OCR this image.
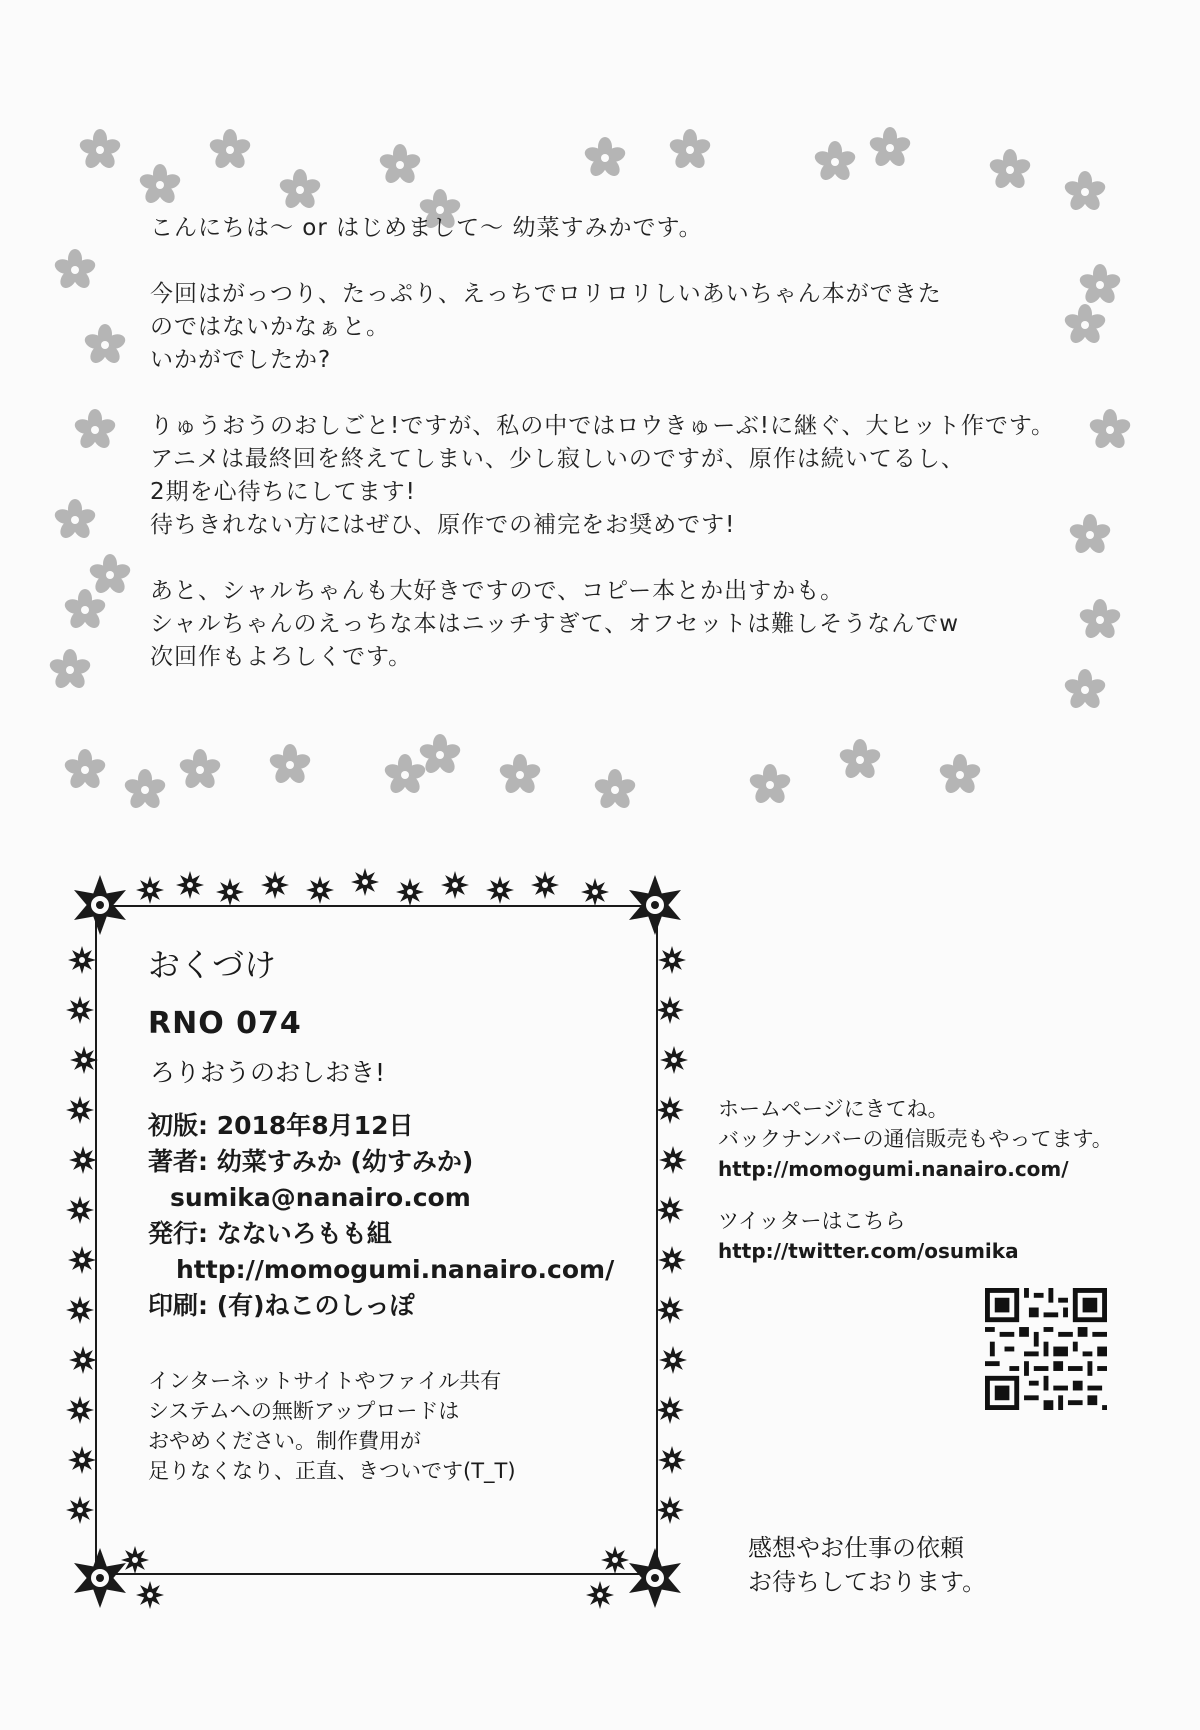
こんにちは〜 or はじめまして〜 幼菜すみかです。

今回はがっつり、たっぷり、えっちでロリロリしいあいちゃん本ができた

のではないかなぁと。

いかがでしたか?

りゅうおうのおしごと!ですが、私の中ではロウきゅーぶ!に継ぐ、大ヒット作です。

アニメは最終回を終えてしまい、少し寂しいのですが、原作は続いてるし、

2期を心待ちにしてます!

待ちきれない方にはぜひ、原作での補完をお奨めです!

あと、シャルちゃんも大好きですので、コピー本とか出すかも。

シャルちゃんのえっちな本はニッチすぎて、オフセットは難しそうなんでw

次回作もよろしくです。

おくづけ
RNO 074
ろりおうのおしおき!
初版: 2018年8月12日
著者: 幼菜すみか (幼すみか)
sumika@nanairo.com
発行: なないろもも組
http://momogumi.nanairo.com/
印刷: (有)ねこのしっぽ

インターネットサイトやファイル共有

システムへの無断アップロードは

おやめください。制作費用が

足りなくなり、正直、きついです(T_T)

ホームページにきてね。

バックナンバーの通信販売もやってます。

http://momogumi.nanairo.com/

ツイッターはこちら

http://twitter.com/osumika

感想やお仕事の依頼

お待ちしております。
